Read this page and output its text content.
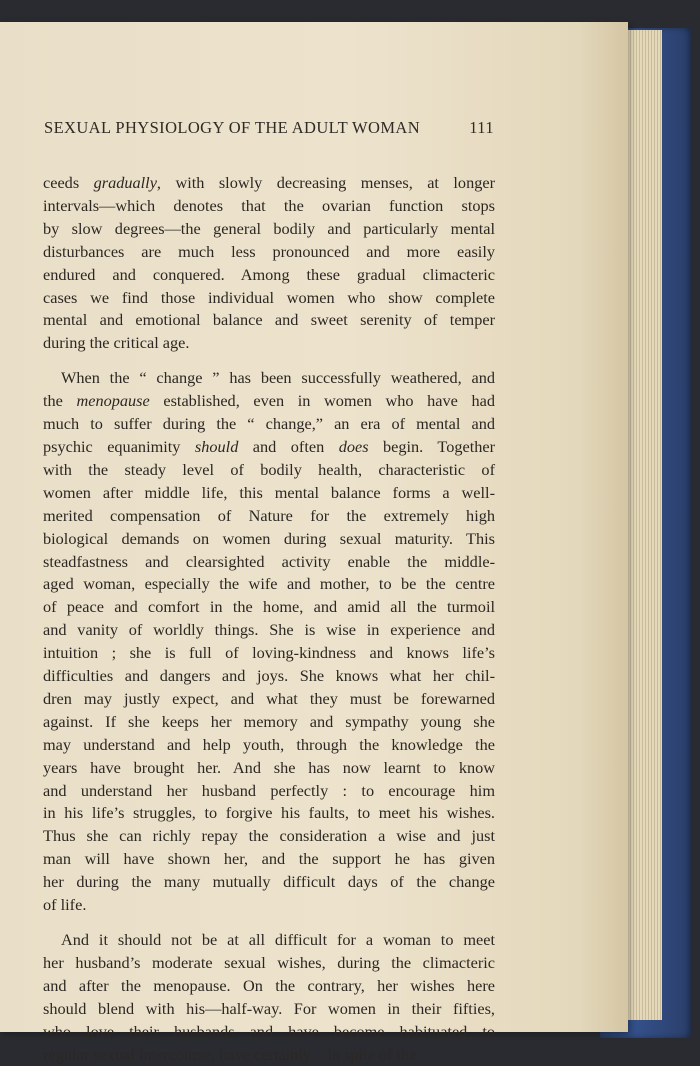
SEXUAL PHYSIOLOGY OF THE ADULT WOMAN	111

ceeds gradually, with slowly decreasing menses, at longer
intervals—which denotes that the ovarian function stops
by slow degrees—the general bodily and particularly mental
disturbances are much less pronounced and more easily
endured and conquered. Among these gradual climacteric
cases we find those individual women who show complete
mental and emotional balance and sweet serenity of temper
during the critical age.

When the “ change ” has been successfully weathered, and
the menopause established, even in women who have had
much to suffer during the “ change,” an era of mental and
psychic equanimity should and often does begin. Together
with the steady level of bodily health, characteristic of
women after middle life, this mental balance forms a well-
merited compensation of Nature for the extremely high
biological demands on women during sexual maturity. This
steadfastness and clearsighted activity enable the middle-
aged woman, especially the wife and mother, to be the centre
of peace and comfort in the home, and amid all the turmoil
and vanity of worldly things. She is wise in experience and
intuition ; she is full of loving-kindness and knows life’s
difficulties and dangers and joys. She knows what her chil-
dren may justly expect, and what they must be forewarned
against. If she keeps her memory and sympathy young she
may understand and help youth, through the knowledge the
years have brought her. And she has now learnt to know
and understand her husband perfectly : to encourage him
in his life’s struggles, to forgive his faults, to meet his wishes.
Thus she can richly repay the consideration a wise and just
man will have shown her, and the support he has given
her during the many mutually difficult days of the change
of life.

And it should not be at all difficult for a woman to meet
her husband’s moderate sexual wishes, during the climacteric
and after the menopause. On the contrary, her wishes here
should blend with his—half-way. For women in their fifties,
who love their husbands and have become habituated to
regular sexual intercourse, have certainly—in spite of the
